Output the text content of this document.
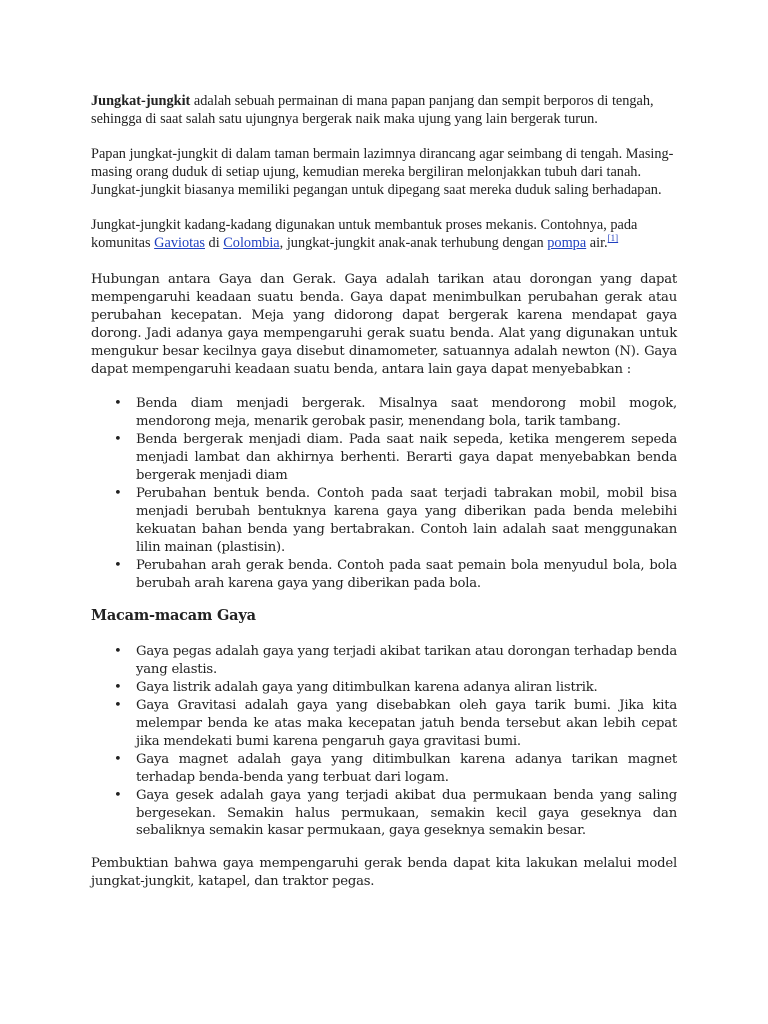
Jungkat-jungkit adalah sebuah permainan di mana papan panjang dan sempit berporos di tengah, sehingga di saat salah satu ujungnya bergerak naik maka ujung yang lain bergerak turun.

Papan jungkat-jungkit di dalam taman bermain lazimnya dirancang agar seimbang di tengah. Masing-masing orang duduk di setiap ujung, kemudian mereka bergiliran melonjakkan tubuh dari tanah. Jungkat-jungkit biasanya memiliki pegangan untuk dipegang saat mereka duduk saling berhadapan.

Jungkat-jungkit kadang-kadang digunakan untuk membantuk proses mekanis. Contohnya, pada komunitas Gaviotas di Colombia, jungkat-jungkit anak-anak terhubung dengan pompa air.[1]

Hubungan antara Gaya dan Gerak. Gaya adalah tarikan atau dorongan yang dapat mempengaruhi keadaan suatu benda. Gaya dapat menimbulkan perubahan gerak atau perubahan kecepatan. Meja yang didorong dapat bergerak karena mendapat gaya dorong. Jadi adanya gaya mempengaruhi gerak suatu benda. Alat yang digunakan untuk mengukur besar kecilnya gaya disebut dinamometer, satuannya adalah newton (N). Gaya dapat mempengaruhi keadaan suatu benda, antara lain gaya dapat menyebabkan :

• Benda diam menjadi bergerak. Misalnya saat mendorong mobil mogok, mendorong meja, menarik gerobak pasir, menendang bola, tarik tambang.
• Benda bergerak menjadi diam. Pada saat naik sepeda, ketika mengerem sepeda menjadi lambat dan akhirnya berhenti. Berarti gaya dapat menyebabkan benda bergerak menjadi diam
• Perubahan bentuk benda. Contoh pada saat terjadi tabrakan mobil, mobil bisa menjadi berubah bentuknya karena gaya yang diberikan pada benda melebihi kekuatan bahan benda yang bertabrakan. Contoh lain adalah saat menggunakan lilin mainan (plastisin).
• Perubahan arah gerak benda. Contoh pada saat pemain bola menyudul bola, bola berubah arah karena gaya yang diberikan pada bola.
Macam-macam Gaya
• Gaya pegas adalah gaya yang terjadi akibat tarikan atau dorongan terhadap benda yang elastis.
• Gaya listrik adalah gaya yang ditimbulkan karena adanya aliran listrik.
• Gaya Gravitasi adalah gaya yang disebabkan oleh gaya tarik bumi. Jika kita melempar benda ke atas maka kecepatan jatuh benda tersebut akan lebih cepat jika mendekati bumi karena pengaruh gaya gravitasi bumi.
• Gaya magnet adalah gaya yang ditimbulkan karena adanya tarikan magnet terhadap benda-benda yang terbuat dari logam.
• Gaya gesek adalah gaya yang terjadi akibat dua permukaan benda yang saling bergesekan. Semakin halus permukaan, semakin kecil gaya geseknya dan sebaliknya semakin kasar permukaan, gaya geseknya semakin besar.

Pembuktian bahwa gaya mempengaruhi gerak benda dapat kita lakukan melalui model jungkat-jungkit, katapel, dan traktor pegas.
